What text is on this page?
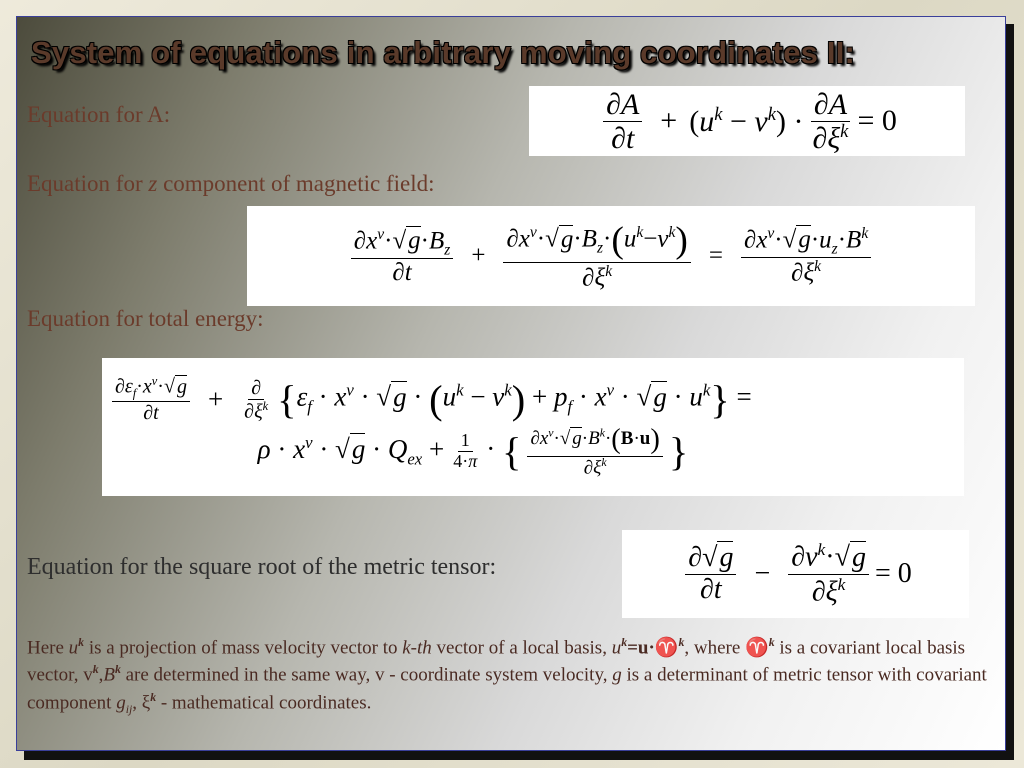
System of equations in arbitrary moving coordinates II:

Equation for A:	$\frac{\partial A}{\partial t} + (u^k - v^k) \cdot \frac{\partial A}{\partial\xi^k} = 0$

Equation for z component of magnetic field:

$\frac{\partial x^\nu\cdot√g\cdot B_z}{\partial t} + \frac{\partial x^\nu\cdot√g\cdot B_z\cdot(u^k-v^k)}{\partial\xi^k} = \frac{\partial x^\nu\cdot√g\cdot u_z\cdot B^k}{\partial\xi^k}$

Equation for total energy:

$\frac{\partial\varepsilon_f\cdot x^\nu\cdot√ g}{\partial t} + \frac{\partial}{\partial\xi^k} \{\varepsilon_f \cdot x^\nu \cdot √g \cdot (u^k - v^k) + p_f \cdot x^\nu \cdot √g \cdot u^k\}$ =
$\rho \cdot x^\nu \cdot √g \cdot Q_{ex} + \frac{1}{4\cdot\pi}$ · { $\frac{\partial x^\nu\cdot√ g\cdot B^k\cdot(B\cdot u)}{\partial\xi^k}$ }

Equation for the square root of the metric tensor:	$\frac{\partial√g}{\partial t} - \frac{\partial v^k\cdot√g}{\partial\xi^k} = 0$

Here $u^k$ is a projection of mass velocity vector to k-th vector of a local basis, $u^k=u\cdot♈^k$, where ♈$^k$ is a covariant local basis vector, $v^k,B^k$ are determined in the same way, v - coordinate system velocity, g is a determinant of metric tensor with covariant component $g_{ij}$, $\xi^k$ - mathematical coordinates.
